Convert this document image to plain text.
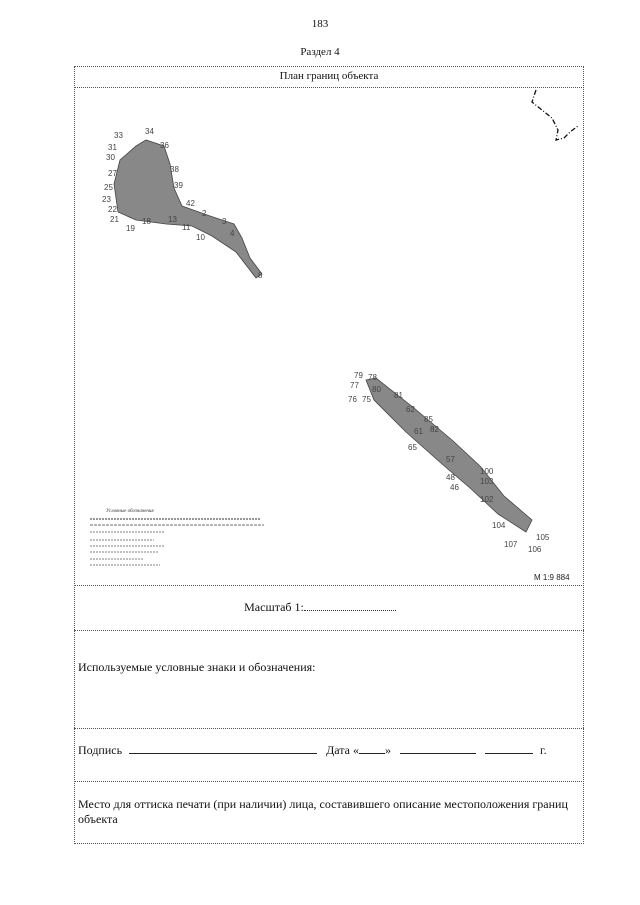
183
Раздел 4
План границ объекта
33	34
31	36
30
27
25
23
22
21
19
18 13
11
10
2
3
4
8
38
39
42
79 78
77 80
76 75	81
62
85
61 82
65
57
100
48	103
46
102
104
105
107
106
Условные обозначения
М 1:9 884
Масштаб 1:
Используемые условные знаки и обозначения:
Подпись	Дата « »	г.
Место для оттиска печати (при наличии) лица, составившего описание местоположения границ объекта
